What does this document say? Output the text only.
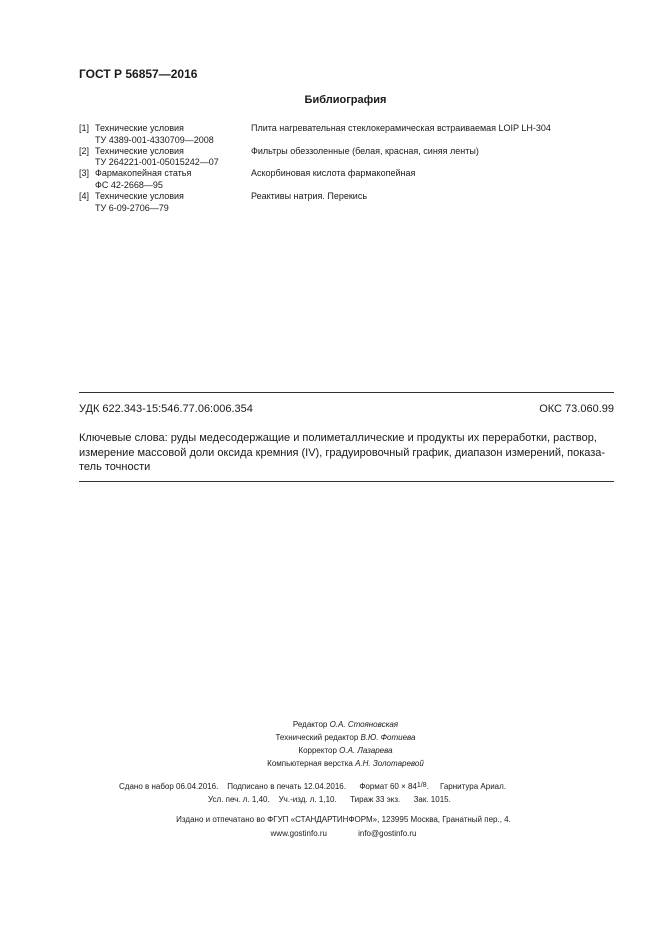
ГОСТ Р 56857—2016
Библиография
[1] Технические условия
ТУ 4389-001-4330709—2008
Плита нагревательная стеклокерамическая встраиваемая LOIP LH-304
[2] Технические условия
ТУ 264221-001-05015242—07
Фильтры обеззоленные (белая, красная, синяя ленты)
[3] Фармакопейная статья
ФС 42-2668—95
Аскорбиновая кислота фармакопейная
[4] Технические условия
ТУ 6-09-2706—79
Реактивы натрия. Перекись
УДК 622.343-15:546.77.06:006.354	ОКС 73.060.99

Ключевые слова: руды медесодержащие и полиметаллические и продукты их переработки, раствор,

измерение массовой доли оксида кремния (IV), градуировочный график, диапазон измерений, показа-

тель точности

Редактор О.А. Стояновская
Технический редактор В.Ю. Фотиева
Корректор О.А. Лазарева
Компьютерная верстка А.Н. Золотаревой
Сдано в набор 06.04.2016. Подписано в печать 12.04.2016. Формат 60 × 841/8.     Гарнитура Ариал.
Усл. печ. л. 1,40. Уч.-изд. л. 1,10. Тираж 33 экз. Зак. 1015.
Издано и отпечатано во ФГУП «СТАНДАРТИНФОРМ», 123995 Москва, Гранатный пер., 4.
www.gostinfo.ru	info@gostinfo.ru
